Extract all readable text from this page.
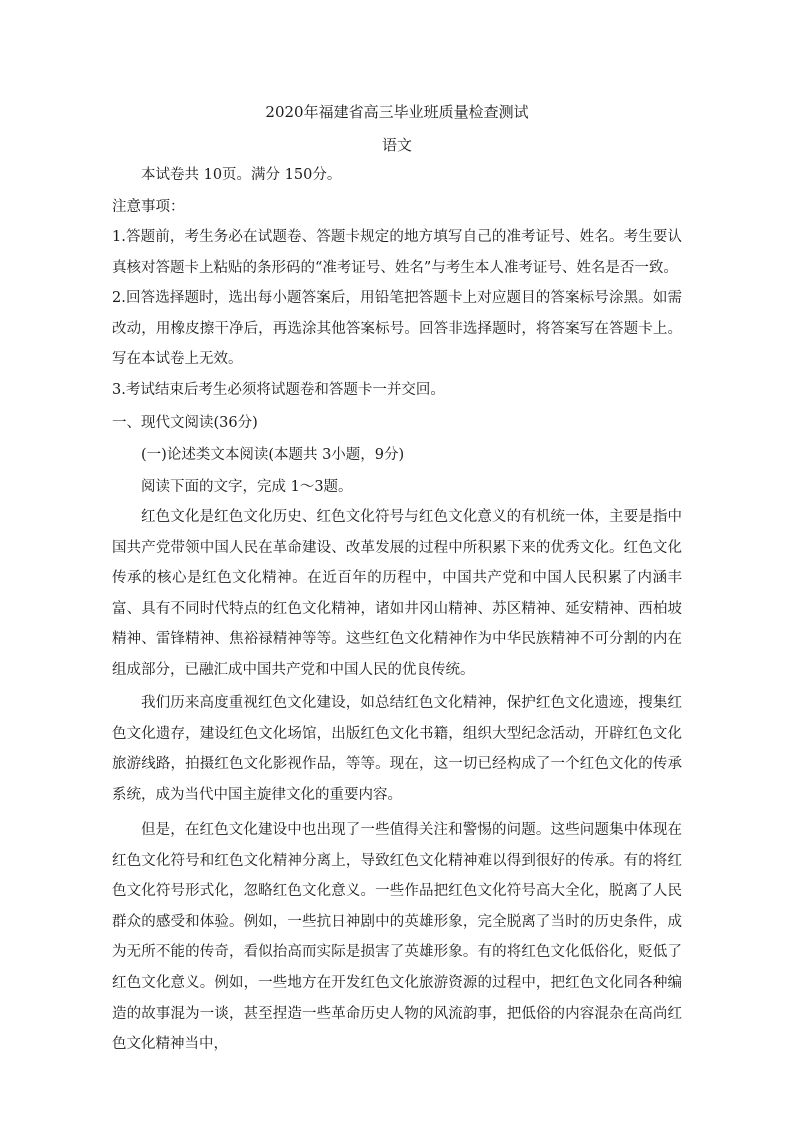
2020年福建省高三毕业班质量检查测试
语文
本试卷共 10页。满分 150分。
注意事项：

1.答题前，考生务必在试题卷、答题卡规定的地方填写自己的准考证号、姓名。考生要认真核对答题卡上粘贴的条形码的“准考证号、姓名”与考生本人准考证号、姓名是否一致。

2.回答选择题时，选出每小题答案后，用铅笔把答题卡上对应题目的答案标号涂黑。如需改动，用橡皮擦干净后，再选涂其他答案标号。回答非选择题时，将答案写在答题卡上。写在本试卷上无效。

3.考试结束后考生必须将试题卷和答题卡一并交回。

一、现代文阅读(36分)
(一)论述类文本阅读(本题共 3小题，9分)
阅读下面的文字，完成 1～3题。
红色文化是红色文化历史、红色文化符号与红色文化意义的有机统一体，主要是指中国共产党带领中国人民在革命建设、改革发展的过程中所积累下来的优秀文化。红色文化传承的核心是红色文化精神。在近百年的历程中，中国共产党和中国人民积累了内涵丰富、具有不同时代特点的红色文化精神，诸如井冈山精神、苏区精神、延安精神、西柏坡精神、雷锋精神、焦裕禄精神等等。这些红色文化精神作为中华民族精神不可分割的内在组成部分，已融汇成中国共产党和中国人民的优良传统。
我们历来高度重视红色文化建设，如总结红色文化精神，保护红色文化遗迹，搜集红色文化遗存，建设红色文化场馆，出版红色文化书籍，组织大型纪念活动，开辟红色文化旅游线路，拍摄红色文化影视作品，等等。现在，这一切已经构成了一个红色文化的传承系统，成为当代中国主旋律文化的重要内容。
但是，在红色文化建设中也出现了一些值得关注和警惕的问题。这些问题集中体现在红色文化符号和红色文化精神分离上，导致红色文化精神难以得到很好的传承。有的将红色文化符号形式化，忽略红色文化意义。一些作品把红色文化符号高大全化，脱离了人民群众的感受和体验。例如，一些抗日神剧中的英雄形象，完全脱离了当时的历史条件，成为无所不能的传奇，看似抬高而实际是损害了英雄形象。有的将红色文化低俗化，贬低了红色文化意义。例如，一些地方在开发红色文化旅游资源的过程中，把红色文化同各种编造的故事混为一谈，甚至捏造一些革命历史人物的风流韵事，把低俗的内容混杂在高尚红色文化精神当中，
